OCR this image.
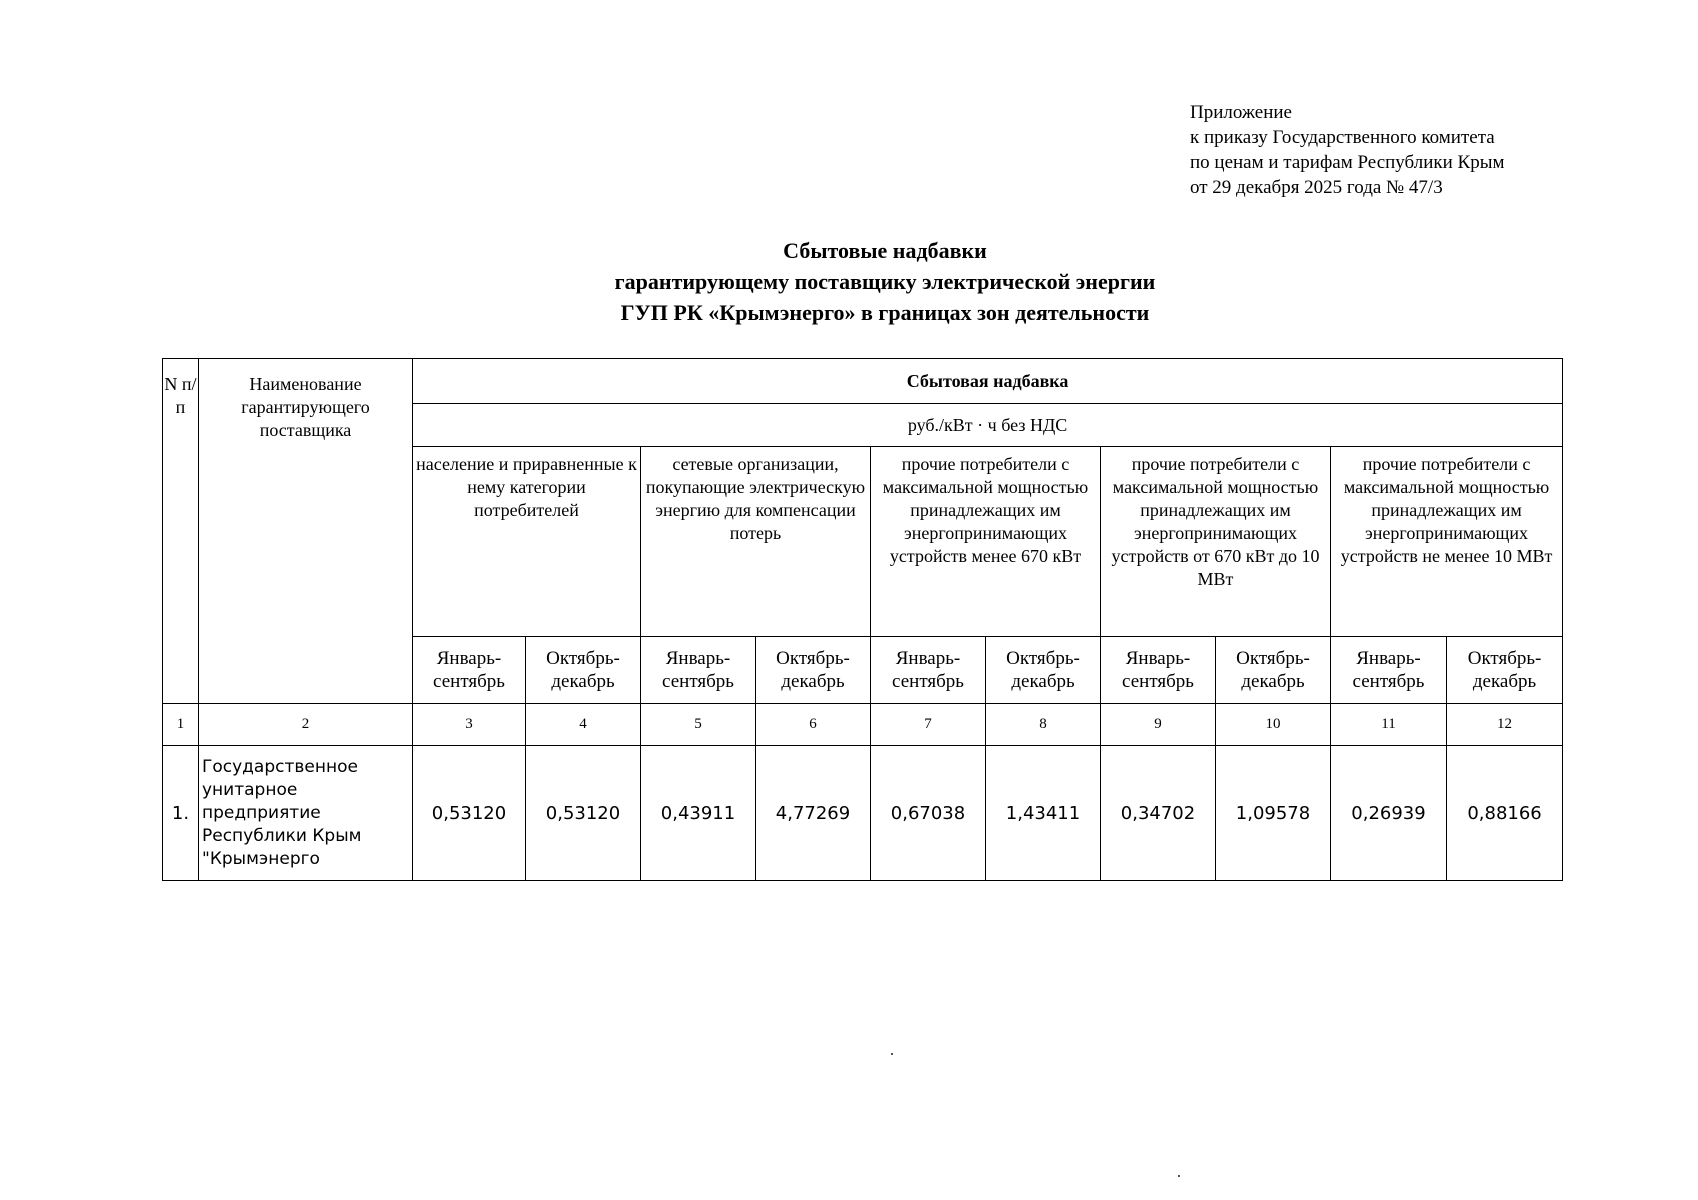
Приложение
к приказу Государственного комитета
по ценам и тарифам Республики Крым
от 29 декабря 2025 года № 47/3
Сбытовые надбавки
гарантирующему поставщику электрической энергии
ГУП РК «Крымэнерго» в границах зон деятельности
N п/ п	Наименование гарантирующего поставщика	Сбытовая надбавка									
		руб./кВт · ч без НДС									
		население и приравненные к нему категории потребителей		сетевые организации, покупающие электрическую энергию для компенсации потерь		прочие потребители с максимальной мощностью принадлежащих им энергопринимающих устройств менее 670 кВт		прочие потребители с максимальной мощностью принадлежащих им энергопринимающих устройств от 670 кВт до 10 МВт		прочие потребители с максимальной мощностью принадлежащих им энергопринимающих устройств не менее 10 МВт	
		Январь-сентябрь	Октябрь-декабрь	Январь-сентябрь	Октябрь-декабрь	Январь-сентябрь	Октябрь-декабрь	Январь-сентябрь	Октябрь-декабрь	Январь-сентябрь	Октябрь-декабрь
1	2	3	4	5	6	7	8	9	10	11	12
1.	Государственное унитарное предприятие Республики Крым "Крымэнерго	0,53120	0,53120	0,43911	4,77269	0,67038	1,43411	0,34702	1,09578	0,26939	0,88166
